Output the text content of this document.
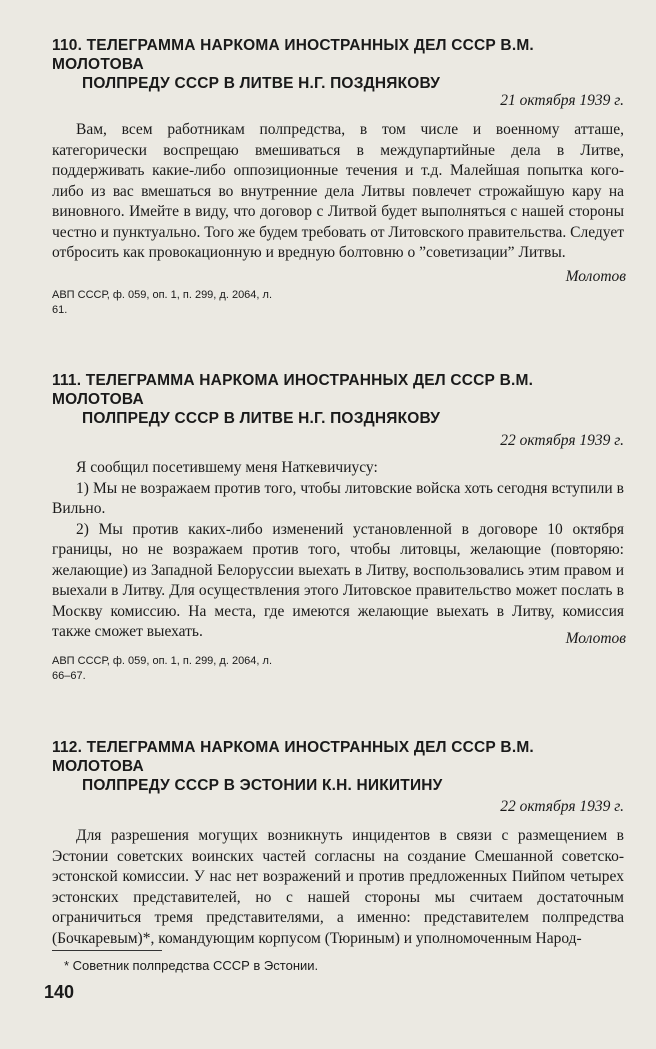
110. ТЕЛЕГРАММА НАРКОМА ИНОСТРАННЫХ ДЕЛ СССР В.М. МОЛОТОВА
ПОЛПРЕДУ СССР В ЛИТВЕ Н.Г. ПОЗДНЯКОВУ
21 октября 1939 г.

Вам, всем работникам полпредства, в том числе и военному атташе, категорически воспрещаю вмешиваться в междупартийные дела в Литве, поддерживать какие-либо оппозиционные течения и т.д. Малейшая попытка кого-либо из вас вмешаться во внутренние дела Литвы повлечет строжайшую кару на виновного. Имейте в виду, что договор с Литвой будет выполняться с нашей стороны честно и пунктуально. Того же будем требовать от Литовского правительства. Следует отбросить как провокационную и вредную болтовню о ”советизации” Литвы.

Молотов
АВП СССР, ф. 059, оп. 1, п. 299, д. 2064, л. 61.
111. ТЕЛЕГРАММА НАРКОМА ИНОСТРАННЫХ ДЕЛ СССР В.М. МОЛОТОВА
ПОЛПРЕДУ СССР В ЛИТВЕ Н.Г. ПОЗДНЯКОВУ
22 октября 1939 г.

Я сообщил посетившему меня Наткевичиусу:

1) Мы не возражаем против того, чтобы литовские войска хоть сегодня вступили в Вильно.

2) Мы против каких-либо изменений установленной в договоре 10 октября границы, но не возражаем против того, чтобы литовцы, желающие (повторяю: желающие) из Западной Белоруссии выехать в Литву, воспользовались этим правом и выехали в Литву. Для осуществления этого Литовское правительство может послать в Москву комиссию. На места, где имеются желающие выехать в Литву, комиссия также сможет выехать.	Молотов
АВП СССР, ф. 059, оп. 1, п. 299, д. 2064, л. 66–67.
112. ТЕЛЕГРАММА НАРКОМА ИНОСТРАННЫХ ДЕЛ СССР В.М. МОЛОТОВА
ПОЛПРЕДУ СССР В ЭСТОНИИ К.Н. НИКИТИНУ
22 октября 1939 г.

Для разрешения могущих возникнуть инцидентов в связи с размещением в Эстонии советских воинских частей согласны на создание Смешанной советско-эстонской комиссии. У нас нет возражений и против предложенных Пийпом четырех эстонских представителей, но с нашей стороны мы считаем достаточным ограничиться тремя представителями, а именно: представителем полпредства (Бочкаревым)*, командующим корпусом (Тюриным) и уполномоченным Народ-

* Советник полпредства СССР в Эстонии.
140
